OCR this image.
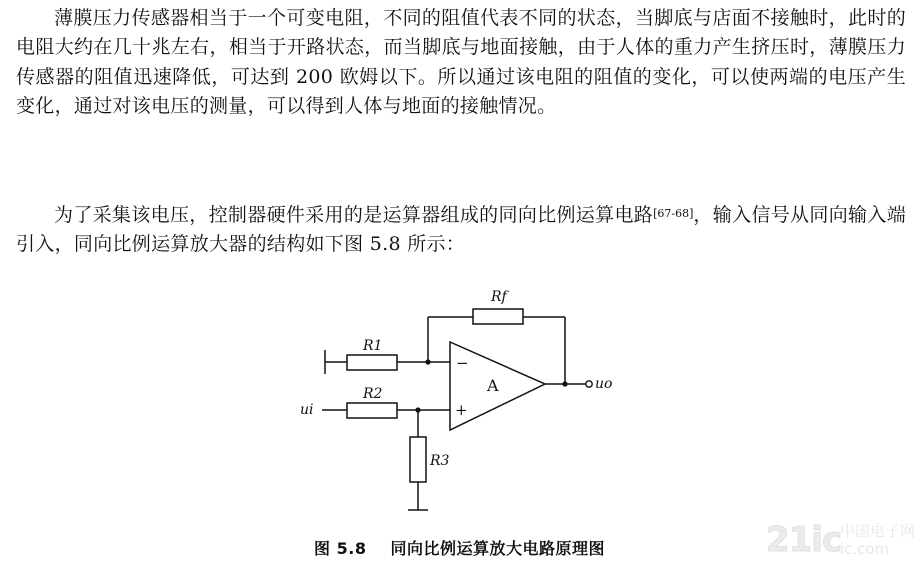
薄膜压力传感器相当于一个可变电阻，不同的阻值代表不同的状态，当脚底与店面不接触时，此时的电阻大约在几十兆左右，相当于开路状态，而当脚底与地面接触，由于人体的重力产生挤压时，薄膜压力传感器的阻值迅速降低，可达到 200 欧姆以下。所以通过该电阻的阻值的变化，可以使两端的电压产生变化，通过对该电压的测量，可以得到人体与地面的接触情况。

为了采集该电压，控制器硬件采用的是运算器组成的同向比例运算电路[67-68]，输入信号从同向输入端引入，同向比例运算放大器的结构如下图 5.8 所示：

Rf
R1
R2
R3
ui
uo
A
−
+

图 5.8 同向比例运算放大电路原理图	21ic
中国电子网
ic.com
